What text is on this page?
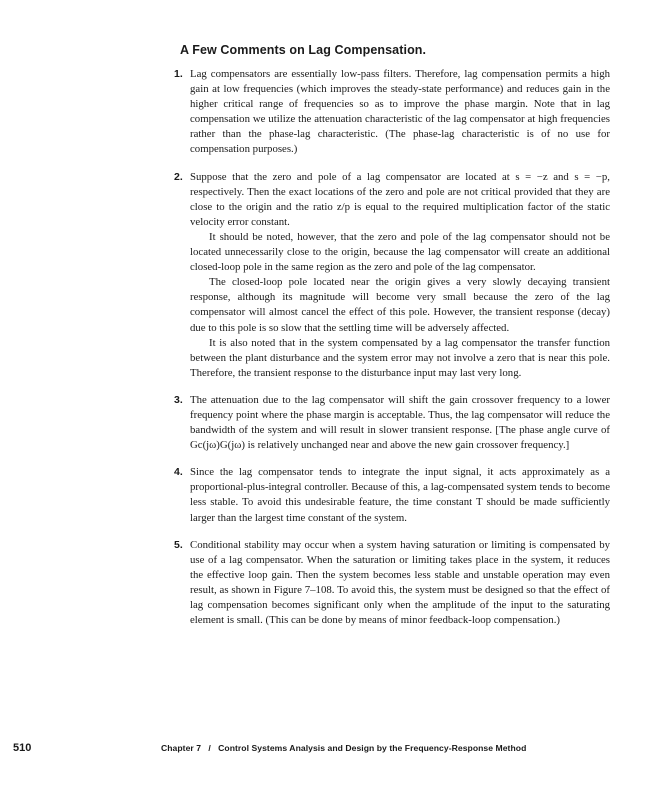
A Few Comments on Lag Compensation.
1. Lag compensators are essentially low-pass filters. Therefore, lag compensation permits a high gain at low frequencies (which improves the steady-state performance) and reduces gain in the higher critical range of frequencies so as to improve the phase margin. Note that in lag compensation we utilize the attenuation characteristic of the lag compensator at high frequencies rather than the phase-lag characteristic. (The phase-lag characteristic is of no use for compensation purposes.)

2. Suppose that the zero and pole of a lag compensator are located at s = −z and s = −p, respectively. Then the exact locations of the zero and pole are not critical provided that they are close to the origin and the ratio z/p is equal to the required multiplication factor of the static velocity error constant.

It should be noted, however, that the zero and pole of the lag compensator should not be located unnecessarily close to the origin, because the lag compensator will create an additional closed-loop pole in the same region as the zero and pole of the lag compensator.

The closed-loop pole located near the origin gives a very slowly decaying transient response, although its magnitude will become very small because the zero of the lag compensator will almost cancel the effect of this pole. However, the transient response (decay) due to this pole is so slow that the settling time will be adversely affected.

It is also noted that in the system compensated by a lag compensator the transfer function between the plant disturbance and the system error may not involve a zero that is near this pole. Therefore, the transient response to the disturbance input may last very long.

3. The attenuation due to the lag compensator will shift the gain crossover frequency to a lower frequency point where the phase margin is acceptable. Thus, the lag compensator will reduce the bandwidth of the system and will result in slower transient response. [The phase angle curve of Gc(jω)G(jω) is relatively unchanged near and above the new gain crossover frequency.]

4. Since the lag compensator tends to integrate the input signal, it acts approximately as a proportional-plus-integral controller. Because of this, a lag-compensated system tends to become less stable. To avoid this undesirable feature, the time constant T should be made sufficiently larger than the largest time constant of the system.

5. Conditional stability may occur when a system having saturation or limiting is compensated by use of a lag compensator. When the saturation or limiting takes place in the system, it reduces the effective loop gain. Then the system becomes less stable and unstable operation may even result, as shown in Figure 7–108. To avoid this, the system must be designed so that the effect of lag compensation becomes significant only when the amplitude of the input to the saturating element is small. (This can be done by means of minor feedback-loop compensation.)

510	Chapter 7   /   Control Systems Analysis and Design by the Frequency-Response Method
